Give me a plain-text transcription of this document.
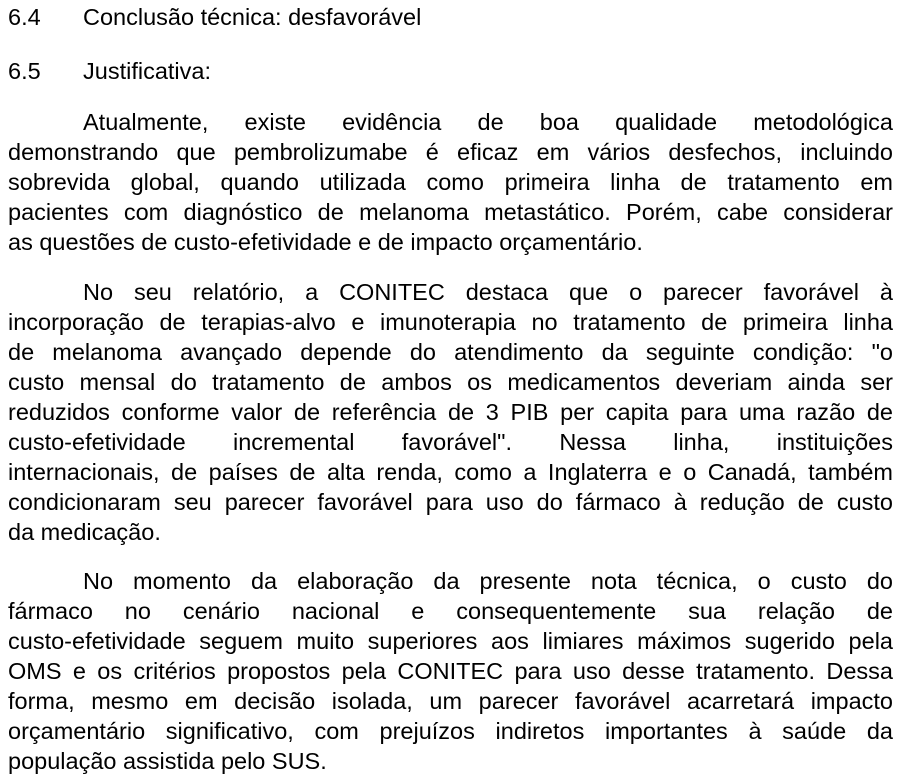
6.4 Conclusão técnica: desfavorável
6.5 Justificativa:
Atualmente, existe evidência de boa qualidade metodológica
demonstrando que pembrolizumabe é eficaz em vários desfechos, incluindo
sobrevida global, quando utilizada como primeira linha de tratamento em
pacientes com diagnóstico de melanoma metastático. Porém, cabe considerar
as questões de custo-efetividade e de impacto orçamentário.
No seu relatório, a CONITEC destaca que o parecer favorável à
incorporação de terapias-alvo e imunoterapia no tratamento de primeira linha
de melanoma avançado depende do atendimento da seguinte condição: "o
custo mensal do tratamento de ambos os medicamentos deveriam ainda ser
reduzidos conforme valor de referência de 3 PIB per capita para uma razão de
custo-efetividade incremental favorável". Nessa linha, instituições
internacionais, de países de alta renda, como a Inglaterra e o Canadá, também
condicionaram seu parecer favorável para uso do fármaco à redução de custo
da medicação.
No momento da elaboração da presente nota técnica, o custo do
fármaco no cenário nacional e consequentemente sua relação de
custo-efetividade seguem muito superiores aos limiares máximos sugerido pela
OMS e os critérios propostos pela CONITEC para uso desse tratamento. Dessa
forma, mesmo em decisão isolada, um parecer favorável acarretará impacto
orçamentário significativo, com prejuízos indiretos importantes à saúde da
população assistida pelo SUS.
